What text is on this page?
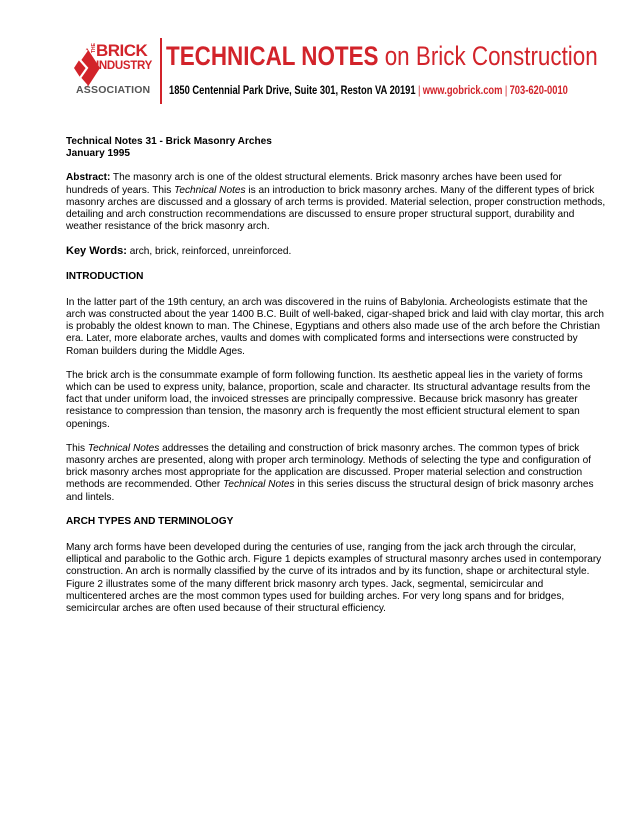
THE BRICK
INDUSTRY
ASSOCIATION
TECHNICAL NOTES on Brick Construction
1850 Centennial Park Drive, Suite 301, Reston VA 20191 | www.gobrick.com | 703-620-0010
Technical Notes 31 - Brick Masonry Arches
January 1995

Abstract: The masonry arch is one of the oldest structural elements. Brick masonry arches have been used for hundreds of years. This Technical Notes is an introduction to brick masonry arches. Many of the different types of brick masonry arches are discussed and a glossary of arch terms is provided. Material selection, proper construction methods, detailing and arch construction recommendations are discussed to ensure proper structural support, durability and weather resistance of the brick masonry arch.

Key Words: arch, brick, reinforced, unreinforced.

INTRODUCTION

In the latter part of the 19th century, an arch was discovered in the ruins of Babylonia. Archeologists estimate that the arch was constructed about the year 1400 B.C. Built of well-baked, cigar-shaped brick and laid with clay mortar, this arch is probably the oldest known to man. The Chinese, Egyptians and others also made use of the arch before the Christian era. Later, more elaborate arches, vaults and domes with complicated forms and intersections were constructed by Roman builders during the Middle Ages.

The brick arch is the consummate example of form following function. Its aesthetic appeal lies in the variety of forms which can be used to express unity, balance, proportion, scale and character. Its structural advantage results from the fact that under uniform load, the invoiced stresses are principally compressive. Because brick masonry has greater resistance to compression than tension, the masonry arch is frequently the most efficient structural element to span openings.

This Technical Notes addresses the detailing and construction of brick masonry arches. The common types of brick masonry arches are presented, along with proper arch terminology. Methods of selecting the type and configuration of brick masonry arches most appropriate for the application are discussed. Proper material selection and construction methods are recommended. Other Technical Notes in this series discuss the structural design of brick masonry arches and lintels.

ARCH TYPES AND TERMINOLOGY

Many arch forms have been developed during the centuries of use, ranging from the jack arch through the circular, elliptical and parabolic to the Gothic arch. Figure 1 depicts examples of structural masonry arches used in contemporary construction. An arch is normally classified by the curve of its intrados and by its function, shape or architectural style. Figure 2 illustrates some of the many different brick masonry arch types. Jack, segmental, semicircular and multicentered arches are the most common types used for building arches. For very long spans and for bridges, semicircular arches are often used because of their structural efficiency.
